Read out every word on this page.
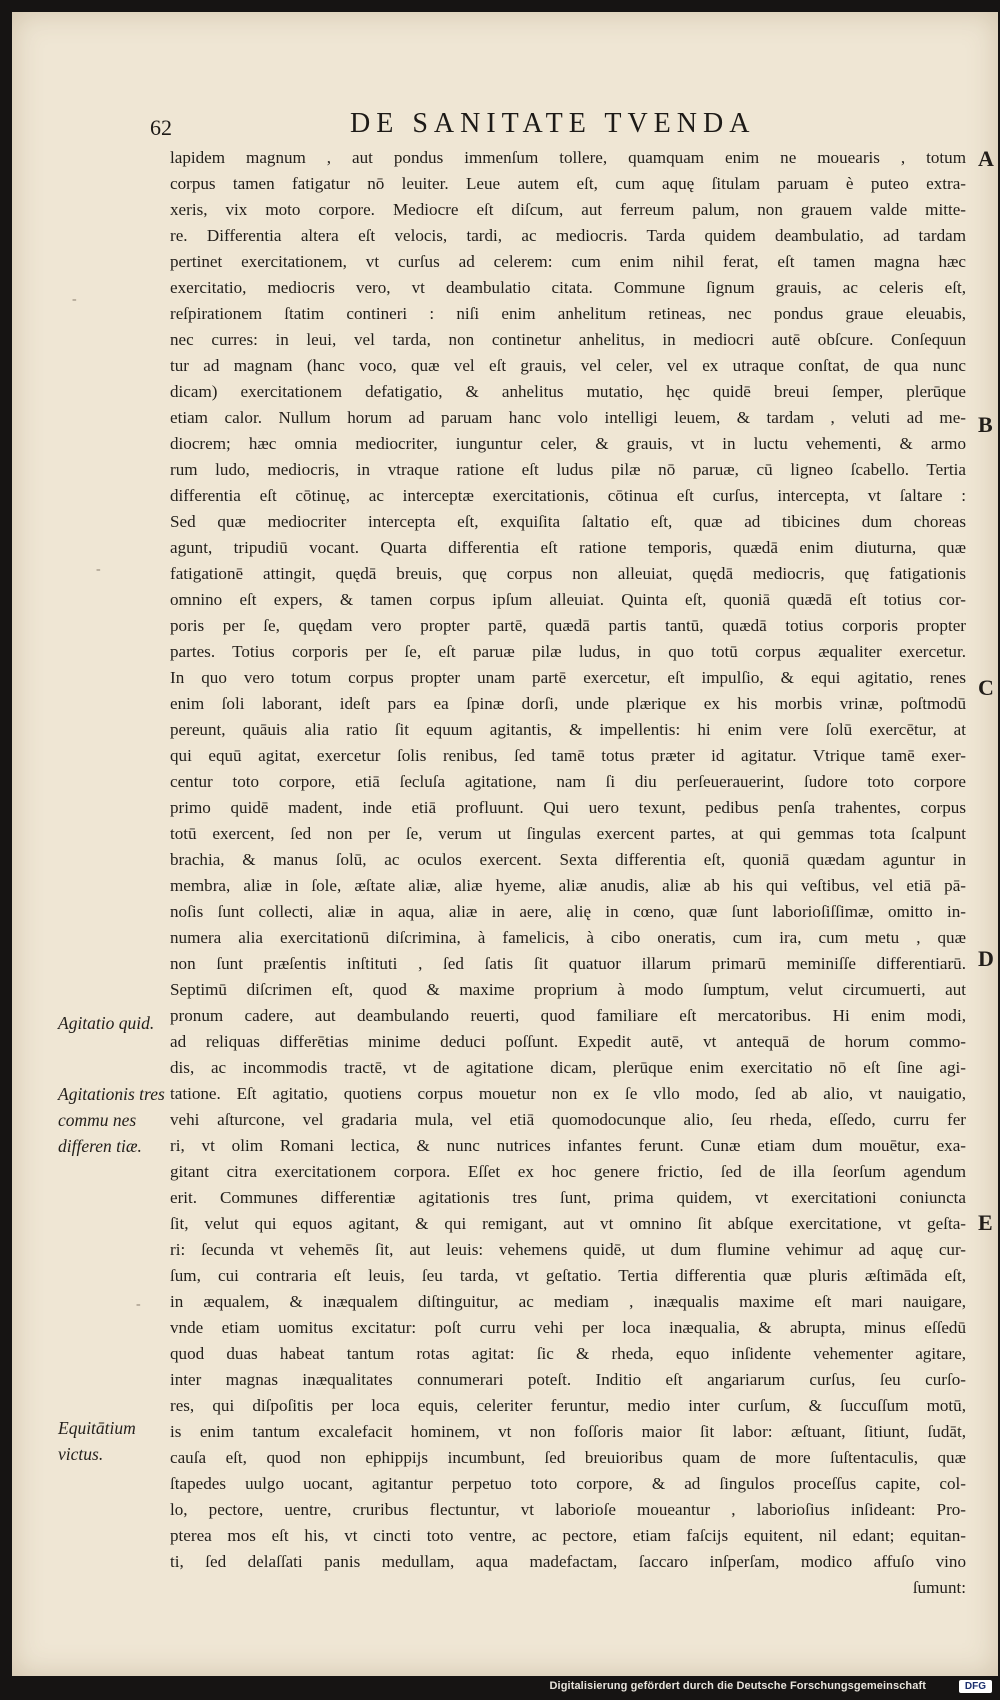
62	DE SANITATE TVENDA
lapidem magnum , aut pondus immenſum tollere, quamquam enim ne mouearis , totum
corpus tamen fatigatur nō leuiter. Leue autem eſt, cum aquę ſitulam paruam è puteo extra-
xeris, vix moto corpore. Mediocre eſt diſcum, aut ferreum palum, non grauem valde mitte-
re. Differentia altera eſt velocis, tardi, ac mediocris. Tarda quidem deambulatio, ad tardam
pertinet exercitationem, vt curſus ad celerem: cum enim nihil ferat, eſt tamen magna hæc
exercitatio, mediocris vero, vt deambulatio citata. Commune ſignum grauis, ac celeris eſt,
reſpirationem ſtatim contineri : niſi enim anhelitum retineas, nec pondus graue eleuabis,
nec curres: in leui, vel tarda, non continetur anhelitus, in mediocri autē obſcure. Conſequun
tur ad magnam (hanc voco, quæ vel eſt grauis, vel celer, vel ex utraque conſtat, de qua nunc
dicam) exercitationem defatigatio, & anhelitus mutatio, hęc quidē breui ſemper, plerūque
etiam calor. Nullum horum ad paruam hanc volo intelligi leuem, & tardam , veluti ad me-
diocrem; hæc omnia mediocriter, iunguntur celer, & grauis, vt in luctu vehementi, & armo
rum ludo, mediocris, in vtraque ratione eſt ludus pilæ nō paruæ, cū ligneo ſcabello. Tertia
differentia eſt cōtinuę, ac interceptæ exercitationis, cōtinua eſt curſus, intercepta, vt ſaltare :
Sed quæ mediocriter intercepta eſt, exquiſita ſaltatio eſt, quæ ad tibicines dum choreas
agunt, tripudiū vocant. Quarta differentia eſt ratione temporis, quædā enim diuturna, quæ
fatigationē attingit, quędā breuis, quę corpus non alleuiat, quędā mediocris, quę fatigationis
omnino eſt expers, & tamen corpus ipſum alleuiat. Quinta eſt, quoniā quædā eſt totius cor-
poris per ſe, quędam vero propter partē, quædā partis tantū, quædā totius corporis propter
partes. Totius corporis per ſe, eſt paruæ pilæ ludus, in quo totū corpus æqualiter exercetur.
In quo vero totum corpus propter unam partē exercetur, eſt impulſio, & equi agitatio, renes
enim ſoli laborant, ideſt pars ea ſpinæ dorſi, unde plærique ex his morbis vrinæ, poſtmodū
pereunt, quāuis alia ratio ſit equum agitantis, & impellentis: hi enim vere ſolū exercētur, at
qui equū agitat, exercetur ſolis renibus, ſed tamē totus præter id agitatur. Vtrique tamē exer-
centur toto corpore, etiā ſecluſa agitatione, nam ſi diu perſeuerauerint, ſudore toto corpore
primo quidē madent, inde etiā profluunt. Qui uero texunt, pedibus penſa trahentes, corpus
totū exercent, ſed non per ſe, verum ut ſingulas exercent partes, at qui gemmas tota ſcalpunt
brachia, & manus ſolū, ac oculos exercent. Sexta differentia eſt, quoniā quædam aguntur in
membra, aliæ in ſole, æſtate aliæ, aliæ hyeme, aliæ anudis, aliæ ab his qui veſtibus, vel etiā pā-
noſis ſunt collecti, aliæ in aqua, aliæ in aere, alię in cœno, quæ ſunt laborioſiſſimæ, omitto in-
numera alia exercitationū diſcrimina, à famelicis, à cibo oneratis, cum ira, cum metu , quæ
non ſunt præſentis inſtituti , ſed ſatis ſit quatuor illarum primarū meminiſſe differentiarū.
Septimū diſcrimen eſt, quod & maxime proprium à modo ſumptum, velut circumuerti, aut
pronum cadere, aut deambulando reuerti, quod familiare eſt mercatoribus. Hi enim modi,
ad reliquas differētias minime deduci poſſunt. Expedit autē, vt antequā de horum commo-
dis, ac incommodis tractē, vt de agitatione dicam, plerūque enim exercitatio nō eſt ſine agi-
tatione. Eſt agitatio, quotiens corpus mouetur non ex ſe vllo modo, ſed ab alio, vt nauigatio,
vehi aſturcone, vel gradaria mula, vel etiā quomodocunque alio, ſeu rheda, eſſedo, curru fer
ri, vt olim Romani lectica, & nunc nutrices infantes ferunt. Cunæ etiam dum mouētur, exa-
gitant citra exercitationem corpora. Eſſet ex hoc genere frictio, ſed de illa ſeorſum agendum
erit. Communes differentiæ agitationis tres ſunt, prima quidem, vt exercitationi coniuncta
ſit, velut qui equos agitant, & qui remigant, aut vt omnino ſit abſque exercitatione, vt geſta-
ri: ſecunda vt vehemēs ſit, aut leuis: vehemens quidē, ut dum flumine vehimur ad aquę cur-
ſum, cui contraria eſt leuis, ſeu tarda, vt geſtatio. Tertia differentia quæ pluris æſtimāda eſt,
in æqualem, & inæqualem diſtinguitur, ac mediam , inæqualis maxime eſt mari nauigare,
vnde etiam uomitus excitatur: poſt curru vehi per loca inæqualia, & abrupta, minus eſſedū
quod duas habeat tantum rotas agitat: ſic & rheda, equo inſidente vehementer agitare,
inter magnas inæqualitates connumerari poteſt. Inditio eſt angariarum curſus, ſeu curſo-
res, qui diſpoſitis per loca equis, celeriter feruntur, medio inter curſum, & ſuccuſſum motū,
is enim tantum excalefacit hominem, vt non foſſoris maior ſit labor: æſtuant, ſitiunt, ſudāt,
cauſa eſt, quod non ephippijs incumbunt, ſed breuioribus quam de more ſuſtentaculis, quæ
ſtapedes uulgo uocant, agitantur perpetuo toto corpore, & ad ſingulos proceſſus capite, col-
lo, pectore, uentre, cruribus flectuntur, vt laborioſe moueantur , laborioſius inſideant: Pro-
pterea mos eſt his, vt cincti toto ventre, ac pectore, etiam faſcijs equitent, nil edant; equitan-
ti, ſed delaſſati panis medullam, aqua madefactam, ſaccaro inſperſam, modico affuſo vino
ſumunt:
Agitatio quid.
Agitationis tres commu nes differen tiæ.
Equitātium victus.
A
B
C
D
E
-
-
-
Digitalisierung gefördert durch die Deutsche Forschungsgemeinschaft	DFG
